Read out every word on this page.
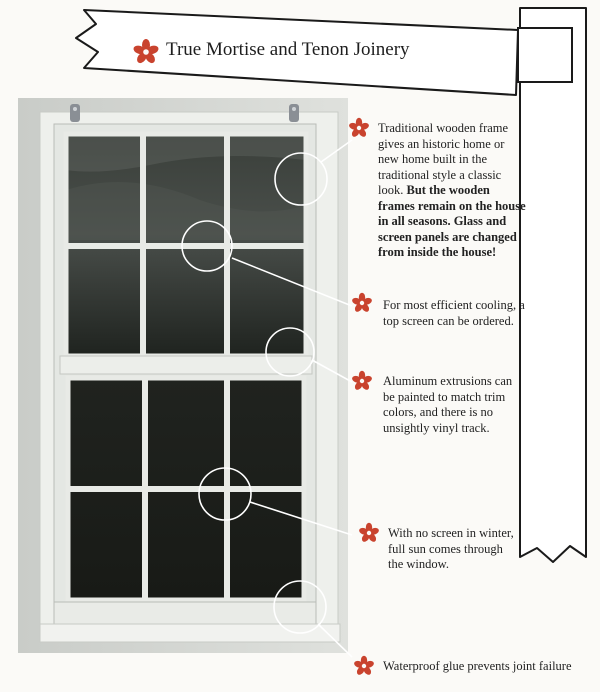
True Mortise and Tenon Joinery
Traditional wooden frame gives an historic home or new home built in the traditional style a classic look. But the wooden frames remain on the house in all seasons. Glass and screen panels are changed from inside the house!
For most efficient cooling, a top screen can be ordered.
Aluminum extrusions can be painted to match trim colors, and there is no unsightly vinyl track.
With no screen in winter, full sun comes through the window.
Waterproof glue prevents joint failure
